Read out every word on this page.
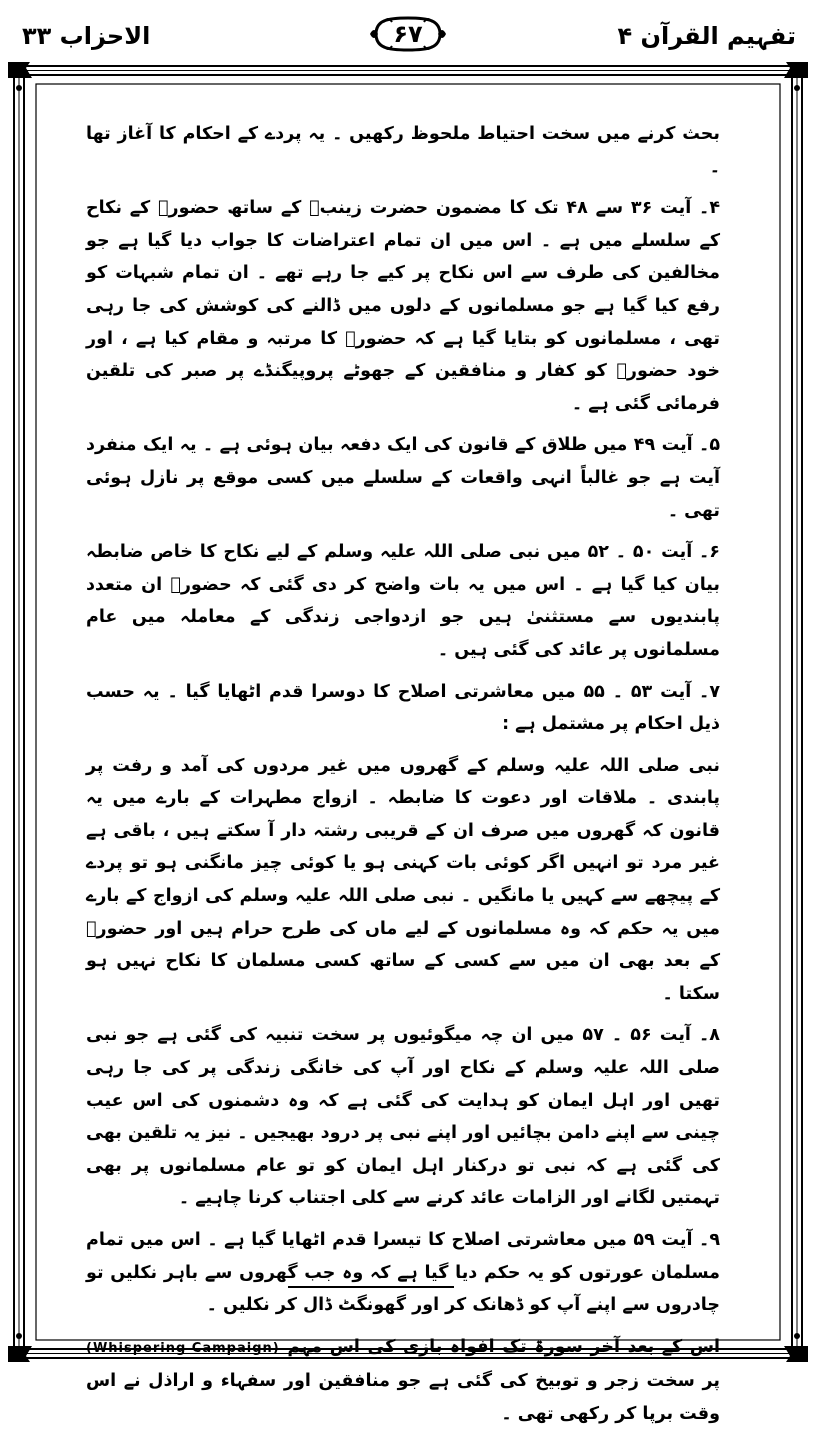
الاحزاب ۳۳	۶۷	تفہیم القرآن ۴

بحث کرنے میں سخت احتیاط ملحوظ رکھیں ۔ یہ پردے کے احکام کا آغاز تھا ۔

۴۔ آیت ۳۶ سے ۴۸ تک کا مضمون حضرت زینبؓ کے ساتھ حضورؐ کے نکاح کے سلسلے میں ہے ۔ اس میں ان تمام اعتراضات کا جواب دیا گیا ہے جو مخالفین کی طرف سے اس نکاح پر کیے جا رہے تھے ۔ ان تمام شبہات کو رفع کیا گیا ہے جو مسلمانوں کے دلوں میں ڈالنے کی کوشش کی جا رہی تھی ، مسلمانوں کو بتایا گیا ہے کہ حضورؐ کا مرتبہ و مقام کیا ہے ، اور خود حضورؐ کو کفار و منافقین کے جھوٹے پروپیگنڈے پر صبر کی تلقین فرمائی گئی ہے ۔

۵۔ آیت ۴۹ میں طلاق کے قانون کی ایک دفعہ بیان ہوئی ہے ۔ یہ ایک منفرد آیت ہے جو غالباً انہی واقعات کے سلسلے میں کسی موقع پر نازل ہوئی تھی ۔

۶۔ آیت ۵۰ ۔ ۵۲ میں نبی صلی اللہ علیہ وسلم کے لیے نکاح کا خاص ضابطہ بیان کیا گیا ہے ۔ اس میں یہ بات واضح کر دی گئی کہ حضورؐ ان متعدد پابندیوں سے مستثنیٰ ہیں جو ازدواجی زندگی کے معاملہ میں عام مسلمانوں پر عائد کی گئی ہیں ۔

۷۔ آیت ۵۳ ۔ ۵۵ میں معاشرتی اصلاح کا دوسرا قدم اٹھایا گیا ۔ یہ حسب ذیل احکام پر مشتمل ہے :

نبی صلی اللہ علیہ وسلم کے گھروں میں غیر مردوں کی آمد و رفت پر پابندی ۔ ملاقات اور دعوت کا ضابطہ ۔ ازواج مطہرات کے بارے میں یہ قانون کہ گھروں میں صرف ان کے قریبی رشتہ دار آ سکتے ہیں ، باقی ہے غیر مرد تو انہیں اگر کوئی بات کہنی ہو یا کوئی چیز مانگنی ہو تو پردے کے پیچھے سے کہیں یا مانگیں ۔ نبی صلی اللہ علیہ وسلم کی ازواج کے بارے میں یہ حکم کہ وہ مسلمانوں کے لیے ماں کی طرح حرام ہیں اور حضورؐ کے بعد بھی ان میں سے کسی کے ساتھ کسی مسلمان کا نکاح نہیں ہو سکتا ۔

۸۔ آیت ۵۶ ۔ ۵۷ میں ان چہ میگوئیوں پر سخت تنبیہ کی گئی ہے جو نبی صلی اللہ علیہ وسلم کے نکاح اور آپ کی خانگی زندگی پر کی جا رہی تھیں اور اہل ایمان کو ہدایت کی گئی ہے کہ وہ دشمنوں کی اس عیب چینی سے اپنے دامن بچائیں اور اپنے نبی پر درود بھیجیں ۔ نیز یہ تلقین بھی کی گئی ہے کہ نبی تو درکنار اہل ایمان کو تو عام مسلمانوں پر بھی تہمتیں لگانے اور الزامات عائد کرنے سے کلی اجتناب کرنا چاہیے ۔

۹۔ آیت ۵۹ میں معاشرتی اصلاح کا تیسرا قدم اٹھایا گیا ہے ۔ اس میں تمام مسلمان عورتوں کو یہ حکم دیا گیا ہے کہ وہ جب گھروں سے باہر نکلیں تو چادروں سے اپنے آپ کو ڈھانک کر اور گھونگٹ ڈال کر نکلیں ۔

اس کے بعد آخر سورۃ تک افواہ بازی کی اس مہم (Whispering Campaign) پر سخت زجر و توبیخ کی گئی ہے جو منافقین اور سفہاء و اراذل نے اس وقت برپا کر رکھی تھی ۔
